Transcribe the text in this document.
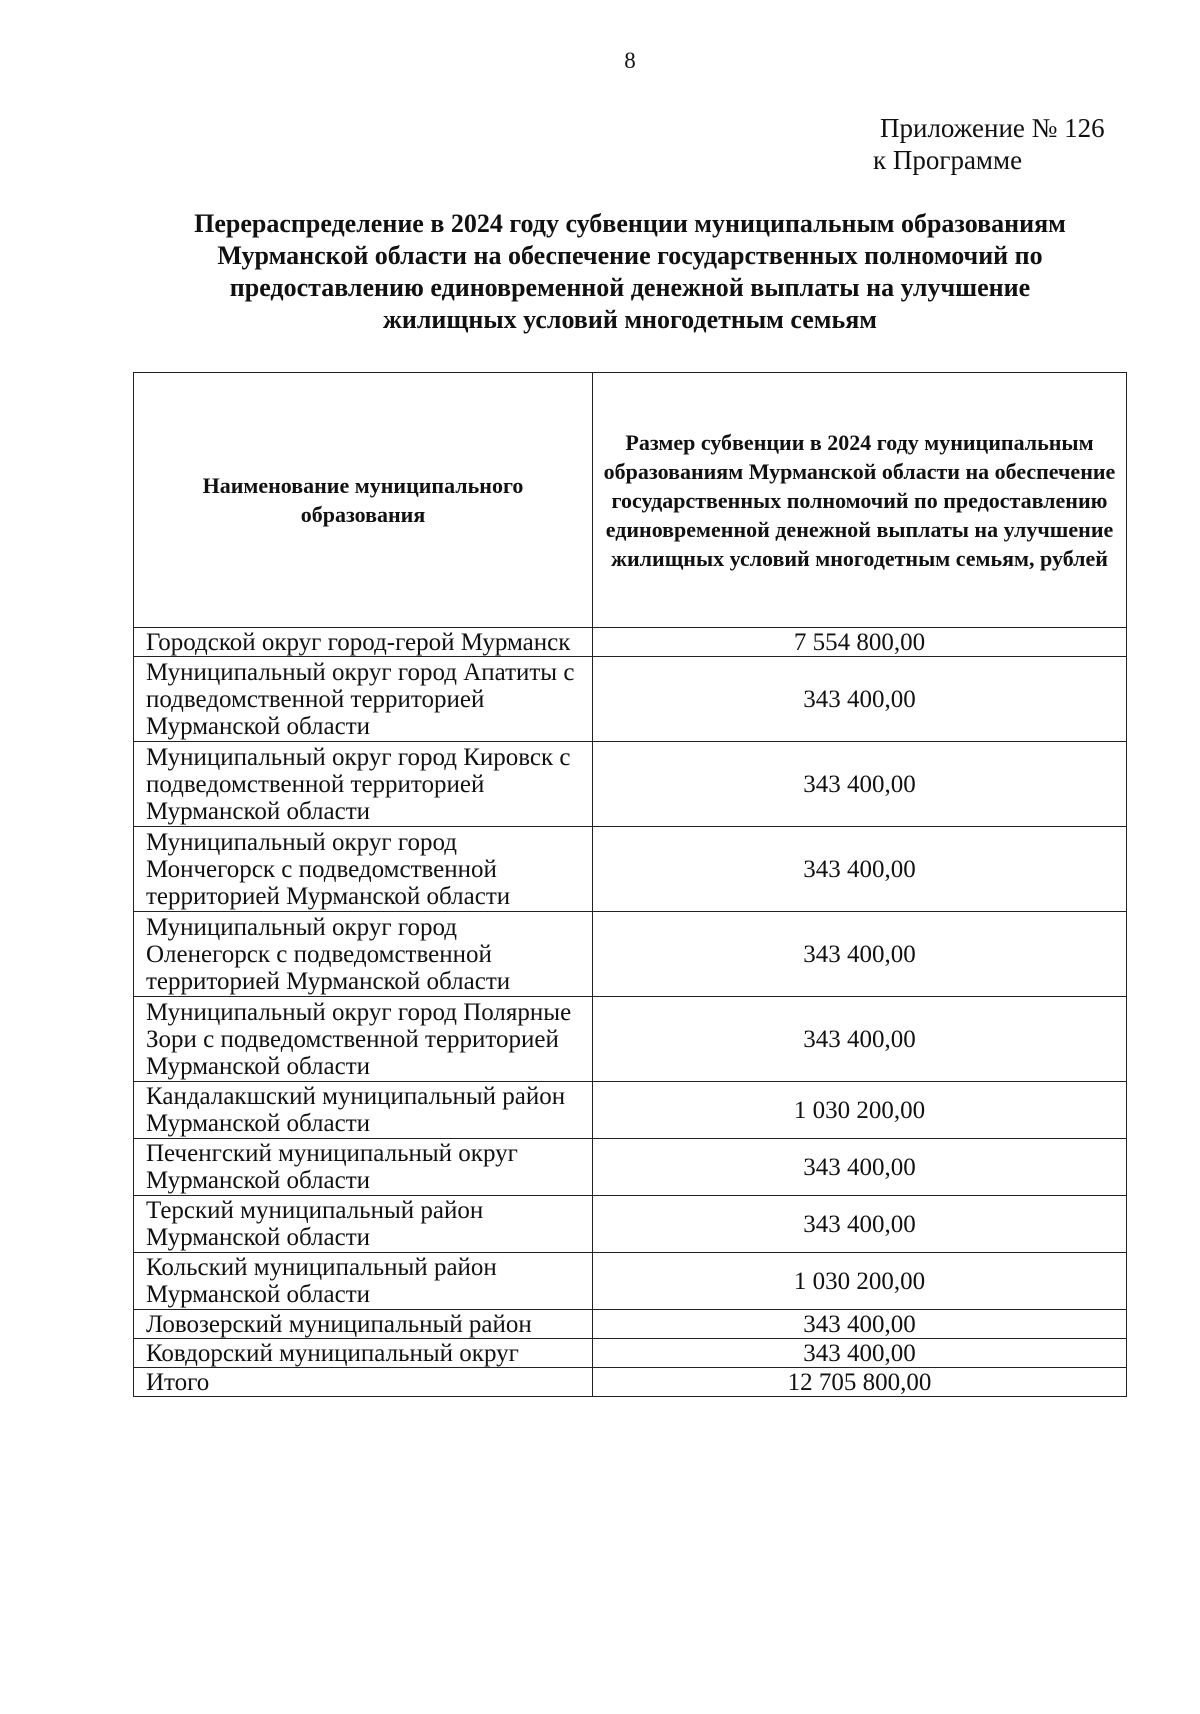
8
Приложение № 126
к Программе
Перераспределение в 2024 году субвенции муниципальным образованиям
Мурманской области на обеспечение государственных полномочий по
предоставлению единовременной денежной выплаты на улучшение
жилищных условий многодетным семьям
Наименование муниципального образования	Размер субвенции в 2024 году муниципальным образованиям Мурманской области на обеспечение государственных полномочий по предоставлению единовременной денежной выплаты на улучшение жилищных условий многодетным семьям, рублей
Городской округ город-герой Мурманск	7 554 800,00
Муниципальный округ город Апатиты с подведомственной территорией Мурманской области	343 400,00
Муниципальный округ город Кировск с подведомственной территорией Мурманской области	343 400,00
Муниципальный округ город Мончегорск с подведомственной территорией Мурманской области	343 400,00
Муниципальный округ город Оленегорск с подведомственной территорией Мурманской области	343 400,00
Муниципальный округ город Полярные Зори с подведомственной территорией Мурманской области	343 400,00
Кандалакшский муниципальный район Мурманской области	1 030 200,00
Печенгский муниципальный округ Мурманской области	343 400,00
Терский муниципальный район Мурманской области	343 400,00
Кольский муниципальный район Мурманской области	1 030 200,00
Ловозерский муниципальный район	343 400,00
Ковдорский муниципальный округ	343 400,00
Итого	12 705 800,00
